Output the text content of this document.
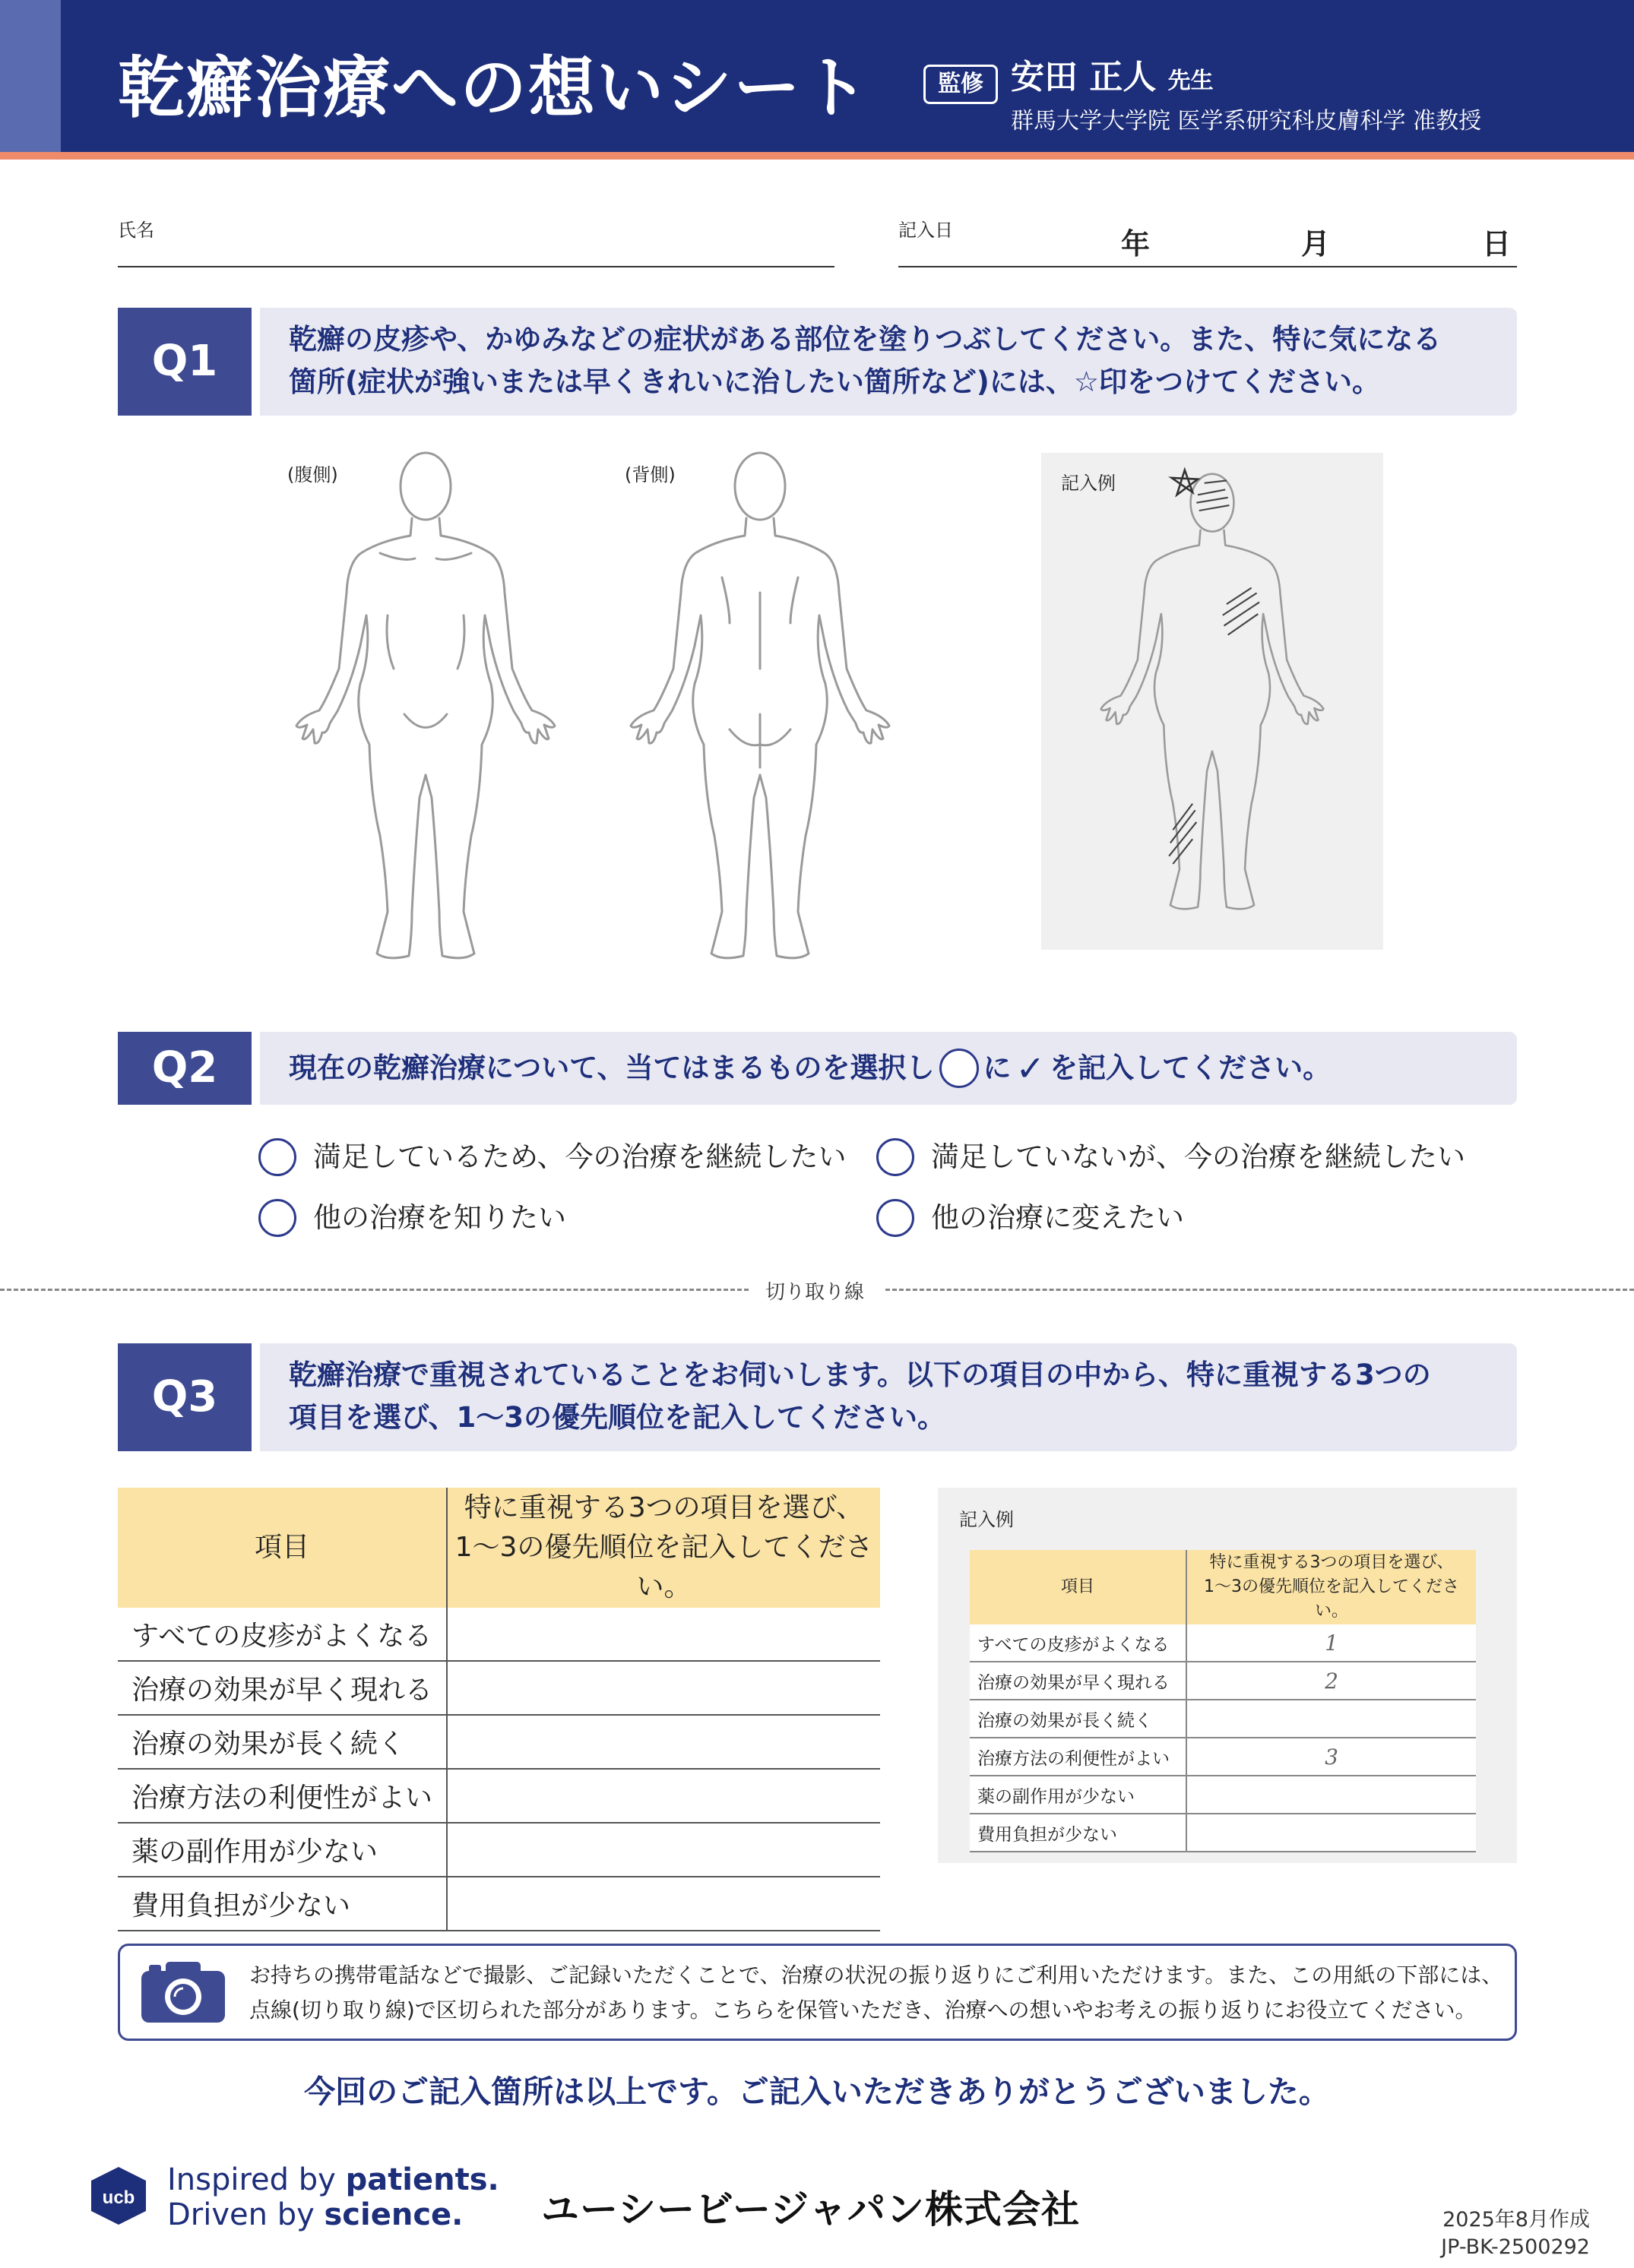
乾癬治療への想いシート	監修 安田 正人 先生
群馬大学大学院 医学系研究科皮膚科学 准教授
氏名	記入日	年	月	日
Q1	乾癬の皮疹や、かゆみなどの症状がある部位を塗りつぶしてください。また、特に気になる
箇所(症状が強いまたは早くきれいに治したい箇所など)には、☆印をつけてください。
(腹側)	(背側)	記入例
Q2	現在の乾癬治療について、当てはまるものを選択し に ✓ を記入してください。
満足しているため、今の治療を継続したい	満足していないが、今の治療を継続したい
他の治療を知りたい	他の治療に変えたい
切り取り線
Q3	乾癬治療で重視されていることをお伺いします。以下の項目の中から、特に重視する3つの
項目を選び、1〜3の優先順位を記入してください。
項目	特に重視する3つの項目を選び、
1〜3の優先順位を記入してください。

すべての皮疹がよくなる	
治療の効果が早く現れる	
治療の効果が長く続く	
治療方法の利便性がよい	
薬の副作用が少ない	
費用負担が少ない	
記入例
項目	特に重視する3つの項目を選び、
1〜3の優先順位を記入してください。

すべての皮疹がよくなる	1
治療の効果が早く現れる	2
治療の効果が長く続く	
治療方法の利便性がよい	3
薬の副作用が少ない	
費用負担が少ない	
お持ちの携帯電話などで撮影、ご記録いただくことで、治療の状況の振り返りにご利用いただけます。また、この用紙の下部には、
点線(切り取り線)で区切られた部分があります。こちらを保管いただき、治療への想いやお考えの振り返りにお役立てください。
今回のご記入箇所は以上です。ご記入いただきありがとうございました。
ucb
Inspired by patients.
Driven by science.	ユーシービージャパン株式会社	2025年8月作成
JP-BK-2500292
